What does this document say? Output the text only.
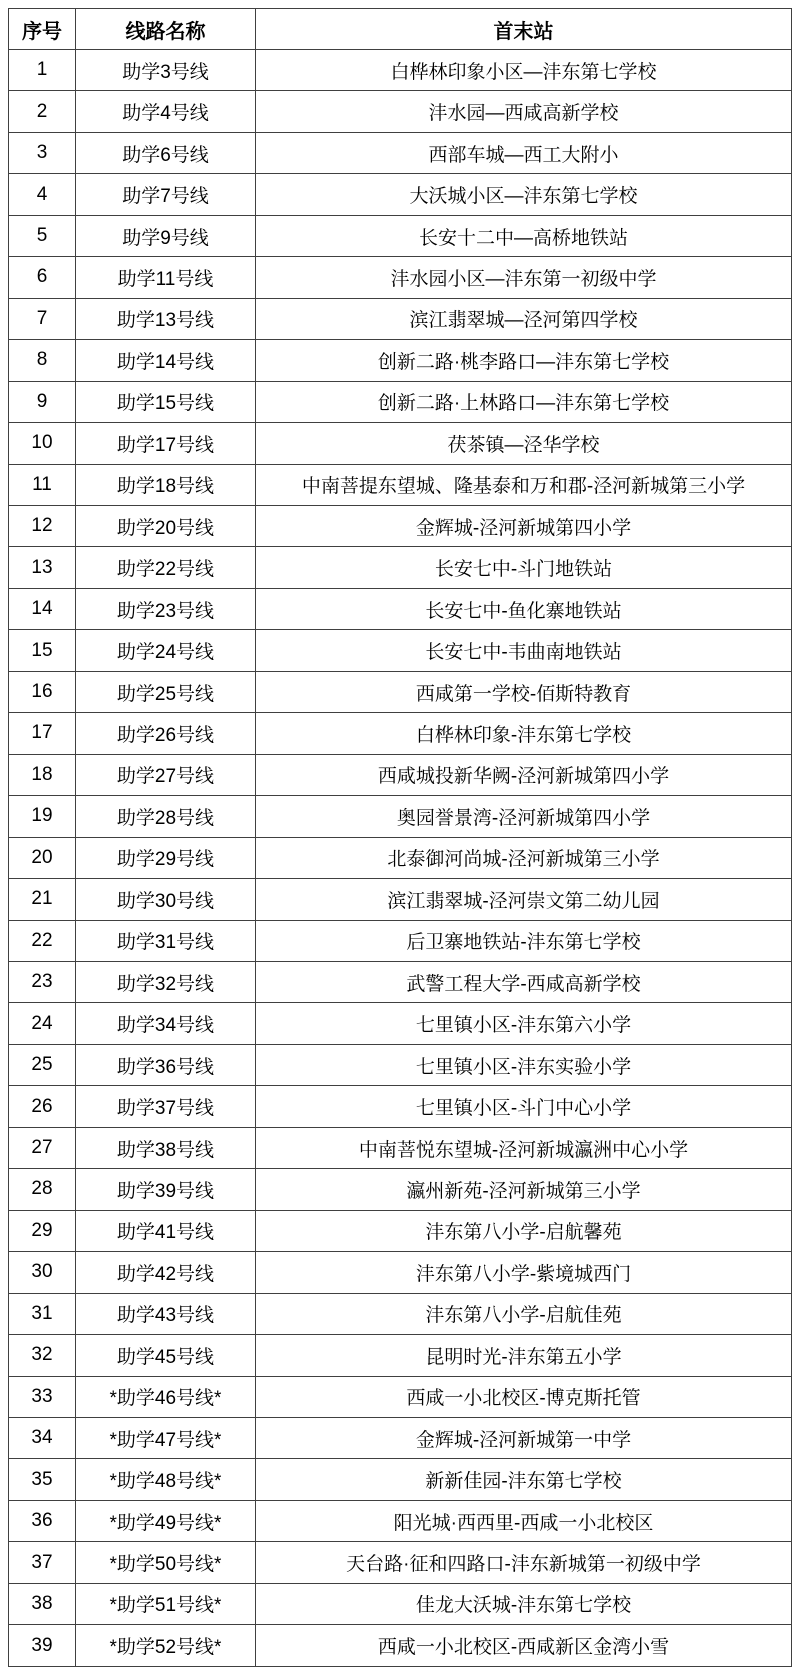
序号	线路名称	首末站
1	助学3号线	白桦林印象小区—沣东第七学校
2	助学4号线	沣水园—西咸高新学校
3	助学6号线	西部车城—西工大附小
4	助学7号线	大沃城小区—沣东第七学校
5	助学9号线	长安十二中—高桥地铁站
6	助学11号线	沣水园小区—沣东第一初级中学
7	助学13号线	滨江翡翠城—泾河第四学校
8	助学14号线	创新二路·桃李路口—沣东第七学校
9	助学15号线	创新二路·上林路口—沣东第七学校
10	助学17号线	茯茶镇—泾华学校
11	助学18号线	中南菩提东望城、隆基泰和万和郡-泾河新城第三小学
12	助学20号线	金辉城-泾河新城第四小学
13	助学22号线	长安七中-斗门地铁站
14	助学23号线	长安七中-鱼化寨地铁站
15	助学24号线	长安七中-韦曲南地铁站
16	助学25号线	西咸第一学校-佰斯特教育
17	助学26号线	白桦林印象-沣东第七学校
18	助学27号线	西咸城投新华阙-泾河新城第四小学
19	助学28号线	奥园誉景湾-泾河新城第四小学
20	助学29号线	北泰御河尚城-泾河新城第三小学
21	助学30号线	滨江翡翠城-泾河崇文第二幼儿园
22	助学31号线	后卫寨地铁站-沣东第七学校
23	助学32号线	武警工程大学-西咸高新学校
24	助学34号线	七里镇小区-沣东第六小学
25	助学36号线	七里镇小区-沣东实验小学
26	助学37号线	七里镇小区-斗门中心小学
27	助学38号线	中南菩悦东望城-泾河新城瀛洲中心小学
28	助学39号线	瀛州新苑-泾河新城第三小学
29	助学41号线	沣东第八小学-启航馨苑
30	助学42号线	沣东第八小学-紫境城西门
31	助学43号线	沣东第八小学-启航佳苑
32	助学45号线	昆明时光-沣东第五小学
33	*助学46号线*	西咸一小北校区-博克斯托管
34	*助学47号线*	金辉城-泾河新城第一中学
35	*助学48号线*	新新佳园-沣东第七学校
36	*助学49号线*	阳光城·西西里-西咸一小北校区
37	*助学50号线*	天台路·征和四路口-沣东新城第一初级中学
38	*助学51号线*	佳龙大沃城-沣东第七学校
39	*助学52号线*	西咸一小北校区-西咸新区金湾小雪
